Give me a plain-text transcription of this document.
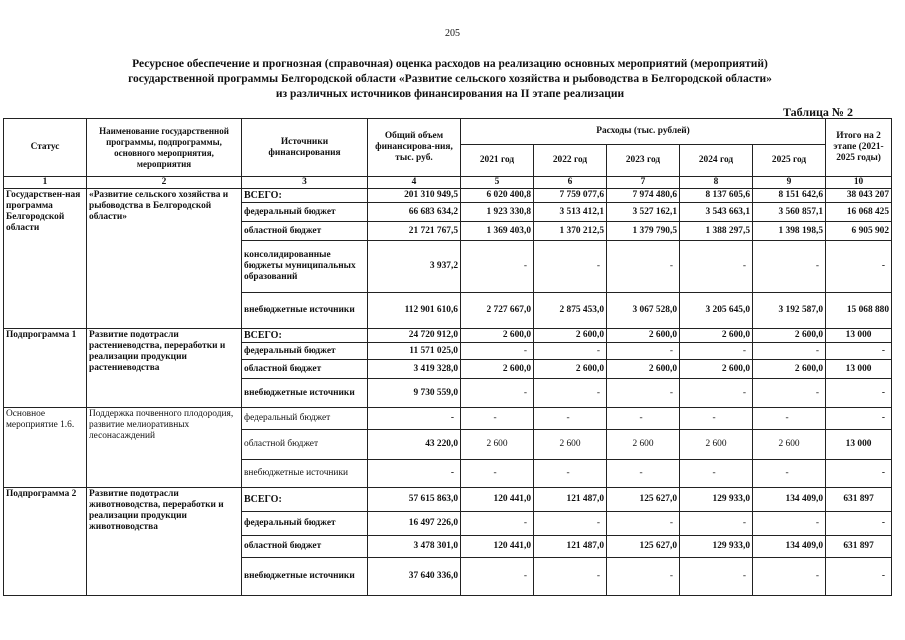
205
Ресурсное обеспечение и прогнозная (справочная) оценка расходов на реализацию основных мероприятий (мероприятий)
государственной программы Белгородской области «Развитие сельского хозяйства и рыбоводства в Белгородской области»
из различных источников финансирования на II этапе реализации
Таблица № 2
Статус	Наименование государственной программы, подпрограммы, основного мероприятия, мероприятия	Источники финансирования	Общий объем финансирова-ния, тыс. руб.	Расходы (тыс. рублей)					Итого на 2 этапе (2021-2025 годы)
				2021 год	2022 год	2023 год	2024 год	2025 год	
1	2	3	4	5	6	7	8	9	10
Государствен-ная программа Белгородской области	«Развитие сельского хозяйства и рыбоводства в Белгородской области»	ВСЕГО:	201 310 949,5	6 020 400,8	7 759 077,6	7 974 480,6	8 137 605,6	8 151 642,6	38 043 207
		федеральный бюджет	66 683 634,2	1 923 330,8	3 513 412,1	3 527 162,1	3 543 663,1	3 560 857,1	16 068 425
		областной бюджет	21 721 767,5	1 369 403,0	1 370 212,5	1 379 790,5	1 388 297,5	1 398 198,5	6 905 902
		консолидированные бюджеты муниципальных образований	3 937,2	-	-	-	-	-	-
		внебюджетные источники	112 901 610,6	2 727 667,0	2 875 453,0	3 067 528,0	3 205 645,0	3 192 587,0	15 068 880
Подпрограмма 1	Развитие подотрасли растениеводства, переработки и реализации продукции растениеводства	ВСЕГО:	24 720 912,0	2 600,0	2 600,0	2 600,0	2 600,0	2 600,0	13 000
		федеральный бюджет	11 571 025,0	-	-	-	-	-	-
		областной бюджет	3 419 328,0	2 600,0	2 600,0	2 600,0	2 600,0	2 600,0	13 000
		внебюджетные источники	9 730 559,0	-	-	-	-	-	-
Основное мероприятие 1.6.	Поддержка почвенного плодородия, развитие мелиоративных лесонасаждений	федеральный бюджет	-	-	-	-	-	-	-
		областной бюджет	43 220,0	2 600	2 600	2 600	2 600	2 600	13 000
		внебюджетные источники	-	-	-	-	-	-	-
Подпрограмма 2	Развитие подотрасли животноводства, переработки и реализации продукции животноводства	ВСЕГО:	57 615 863,0	120 441,0	121 487,0	125 627,0	129 933,0	134 409,0	631 897
		федеральный бюджет	16 497 226,0	-	-	-	-	-	-
		областной бюджет	3 478 301,0	120 441,0	121 487,0	125 627,0	129 933,0	134 409,0	631 897
		внебюджетные источники	37 640 336,0	-	-	-	-	-	-
